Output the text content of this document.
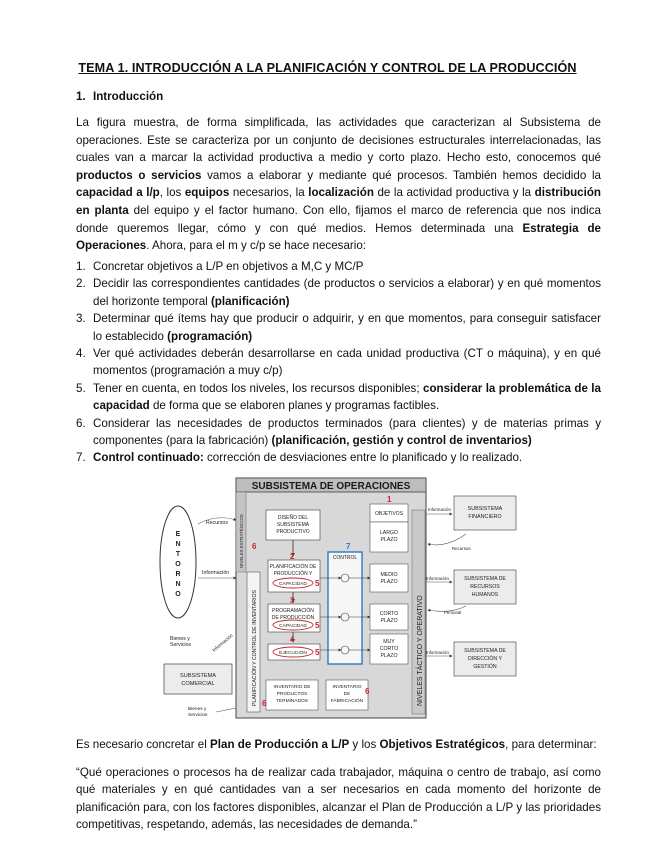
TEMA 1. INTRODUCCIÓN A LA PLANIFICACIÓN Y CONTROL DE LA PRODUCCIÓN
1. Introducción
La figura muestra, de forma simplificada, las actividades que caracterizan al Subsistema de operaciones. Este se caracteriza por un conjunto de decisiones estructurales interrelacionadas, las cuales van a marcar la actividad productiva a medio y corto plazo. Hecho esto, conocemos qué productos o servicios vamos a elaborar y mediante qué procesos. También hemos decidido la capacidad a l/p, los equipos necesarios, la localización de la actividad productiva y la distribución en planta del equipo y el factor humano. Con ello, fijamos el marco de referencia que nos indica donde queremos llegar, cómo y con qué medios. Hemos determinada una Estrategia de Operaciones. Ahora, para el m y c/p se hace necesario:
1. Concretar objetivos a L/P en objetivos a M,C y MC/P
2. Decidir las correspondientes cantidades (de productos o servicios a elaborar) y en qué momentos del horizonte temporal (planificación)
3. Determinar qué ítems hay que producir o adquirir, y en que momentos, para conseguir satisfacer lo establecido (programación)
4. Ver qué actividades deberán desarrollarse en cada unidad productiva (CT o máquina), y en qué momentos (programación a muy c/p)
5. Tener en cuenta, en todos los niveles, los recursos disponibles; considerar la problemática de la capacidad de forma que se elaboren planes y programas factibles.
6. Considerar las necesidades de productos terminados (para clientes) y de materias primas y componentes (para la fabricación) (planificación, gestión y control de inventarios)
7. Control continuado: corrección de desviaciones entre lo planificado y lo realizado.
E
N
T
O
R
N
O
Recursos
Información
Bienes y
Servicios	Información
SUBSISTEMA
COMERCIAL
Bienes y
Servicios
SUBSISTEMA DE OPERACIONES
NIVELES ESTRATÉGICOS
PLANIFICACIÓN Y CONTROL DE INVENTARIOS
DISEÑO DEL
SUBSISTEMA
PRODUCTIVO
PLANIFICACIÓN DE
PRODUCCIÓN Y
CAPACIDAD
PROGRAMACIÓN
DE PRODUCCIÓN
CAPACIDAD
EJECUCIÓN
CONTROL
OBJETIVOS
LARGO
PLAZO
MEDIO
PLAZO
CORTO
PLAZO
MUY
CORTO
PLAZO	NIVELES TÁCTICO Y OPERATIVO
INVENTARIO DE
PRODUCTOS
TERMINADOS
INVENTARIO
DE
FABRICACIÓN
SUBSISTEMA
FINANCIERO
SUBSISTEMA DE
RECURSOS
HUMANOS
SUBSISTEMA DE
DIRECCIÓN Y
GESTIÓN
Información
Recursos
Información
Personal
Información
1
2
3
4
5
5
5
6
6
6
7
Es necesario concretar el Plan de Producción a L/P y los Objetivos Estratégicos, para determinar:
“Qué operaciones o procesos ha de realizar cada trabajador, máquina o centro de trabajo, así como qué materiales y en qué cantidades van a ser necesarios en cada momento del horizonte de planificación para, con los factores disponibles, alcanzar el Plan de Producción a L/P y las prioridades competitivas, respetando, además, las necesidades de demanda.”
